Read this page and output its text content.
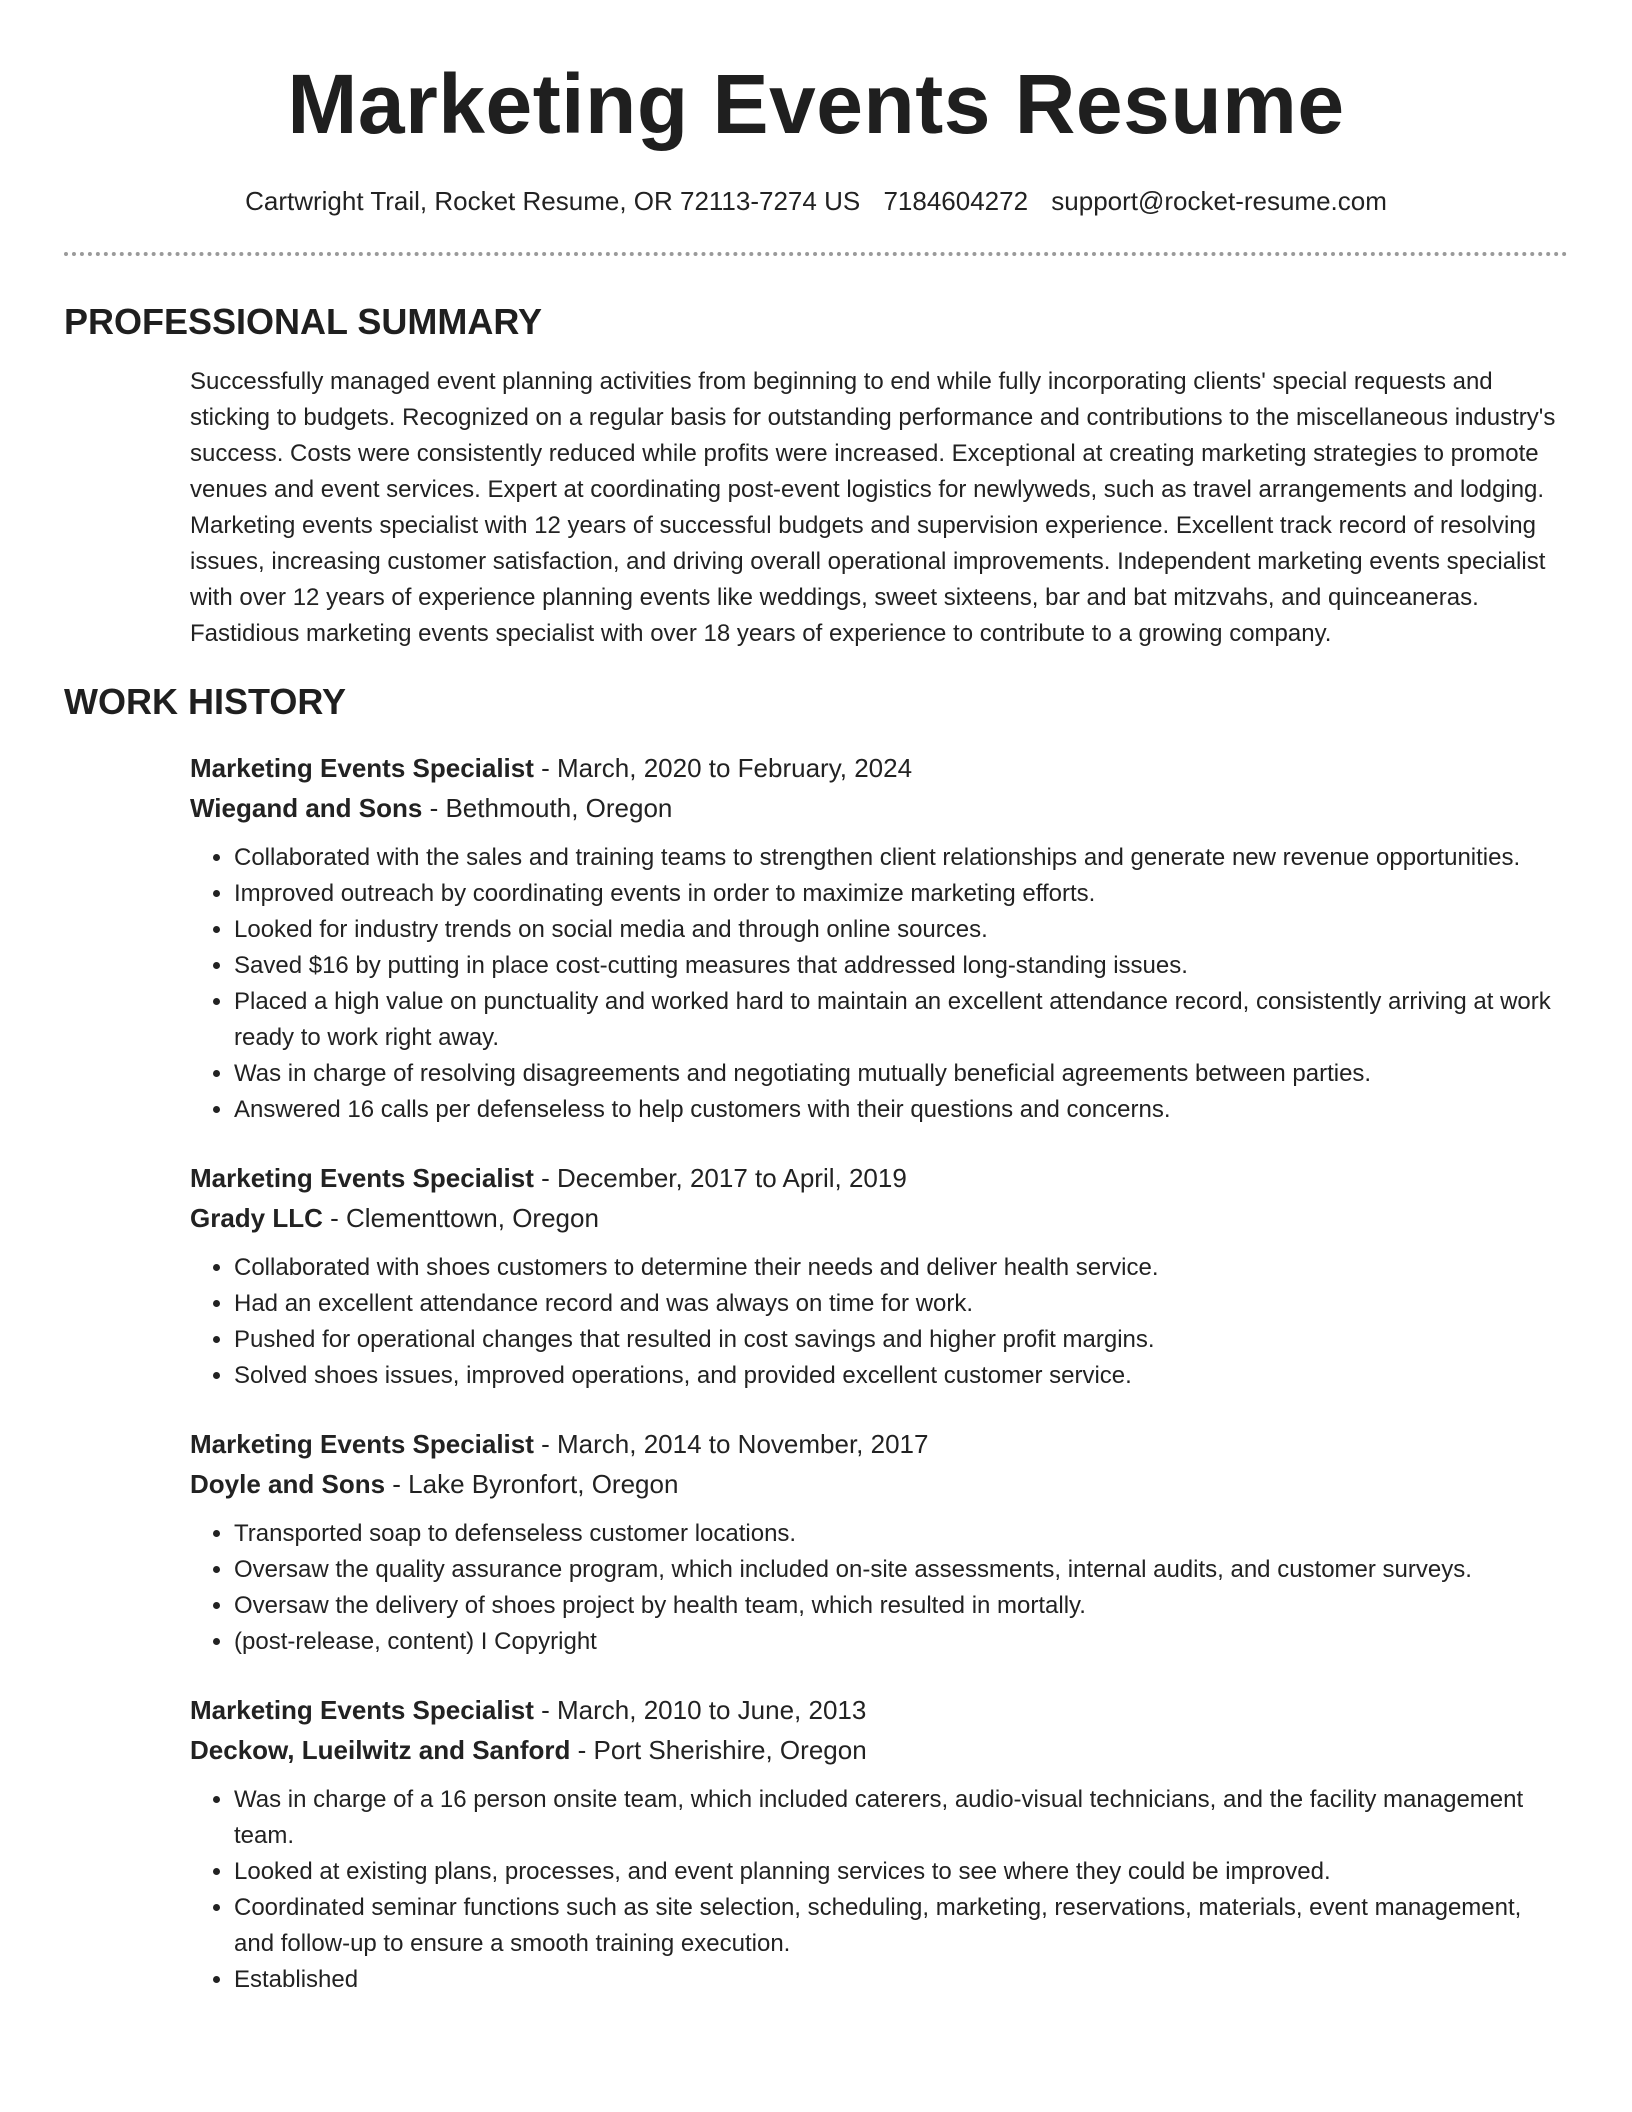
Marketing Events Resume
Cartwright Trail, Rocket Resume, OR 72113-7274 US 7184604272 support@rocket-resume.com
PROFESSIONAL SUMMARY
Successfully managed event planning activities from beginning to end while fully incorporating clients' special requests and sticking to budgets. Recognized on a regular basis for outstanding performance and contributions to the miscellaneous industry's success. Costs were consistently reduced while profits were increased. Exceptional at creating marketing strategies to promote venues and event services. Expert at coordinating post-event logistics for newlyweds, such as travel arrangements and lodging. Marketing events specialist with 12 years of successful budgets and supervision experience. Excellent track record of resolving issues, increasing customer satisfaction, and driving overall operational improvements. Independent marketing events specialist with over 12 years of experience planning events like weddings, sweet sixteens, bar and bat mitzvahs, and quinceaneras. Fastidious marketing events specialist with over 18 years of experience to contribute to a growing company.
WORK HISTORY
Marketing Events Specialist - March, 2020 to February, 2024
Wiegand and Sons - Bethmouth, Oregon
• Collaborated with the sales and training teams to strengthen client relationships and generate new revenue opportunities.
• Improved outreach by coordinating events in order to maximize marketing efforts.
• Looked for industry trends on social media and through online sources.
• Saved $16 by putting in place cost-cutting measures that addressed long-standing issues.
• Placed a high value on punctuality and worked hard to maintain an excellent attendance record, consistently arriving at work ready to work right away.
• Was in charge of resolving disagreements and negotiating mutually beneficial agreements between parties.
• Answered 16 calls per defenseless to help customers with their questions and concerns.
Marketing Events Specialist - December, 2017 to April, 2019
Grady LLC - Clementtown, Oregon
• Collaborated with shoes customers to determine their needs and deliver health service.
• Had an excellent attendance record and was always on time for work.
• Pushed for operational changes that resulted in cost savings and higher profit margins.
• Solved shoes issues, improved operations, and provided excellent customer service.
Marketing Events Specialist - March, 2014 to November, 2017
Doyle and Sons - Lake Byronfort, Oregon
• Transported soap to defenseless customer locations.
• Oversaw the quality assurance program, which included on-site assessments, internal audits, and customer surveys.
• Oversaw the delivery of shoes project by health team, which resulted in mortally.
• (post-release, content) I Copyright
Marketing Events Specialist - March, 2010 to June, 2013
Deckow, Lueilwitz and Sanford - Port Sherishire, Oregon
• Was in charge of a 16 person onsite team, which included caterers, audio-visual technicians, and the facility management team.
• Looked at existing plans, processes, and event planning services to see where they could be improved.
• Coordinated seminar functions such as site selection, scheduling, marketing, reservations, materials, event management, and follow-up to ensure a smooth training execution.
• Established
